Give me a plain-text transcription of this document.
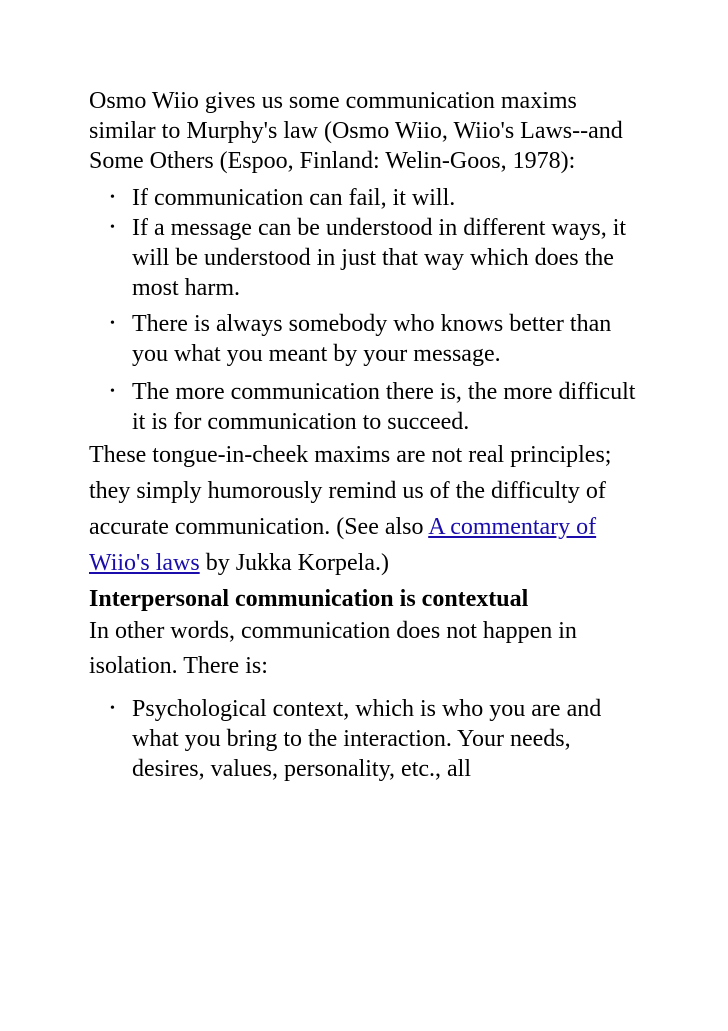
Osmo Wiio gives us some communication maxims similar to Murphy's law (Osmo Wiio, Wiio's Laws--and Some Others (Espoo, Finland: Welin-Goos, 1978):

• If communication can fail, it will.
• If a message can be understood in different ways, it will be understood in just that way which does the most harm.
• There is always somebody who knows better than you what you meant by your message.
• The more communication there is, the more difficult it is for communication to succeed.

These tongue-in-cheek maxims are not real principles; they simply humorously remind us of the difficulty of accurate communication. (See also A commentary of Wiio's laws by Jukka Korpela.)

Interpersonal communication is contextual

In other words, communication does not happen in isolation. There is:

• Psychological context, which is who you are and what you bring to the interaction. Your needs, desires, values, personality, etc., all
